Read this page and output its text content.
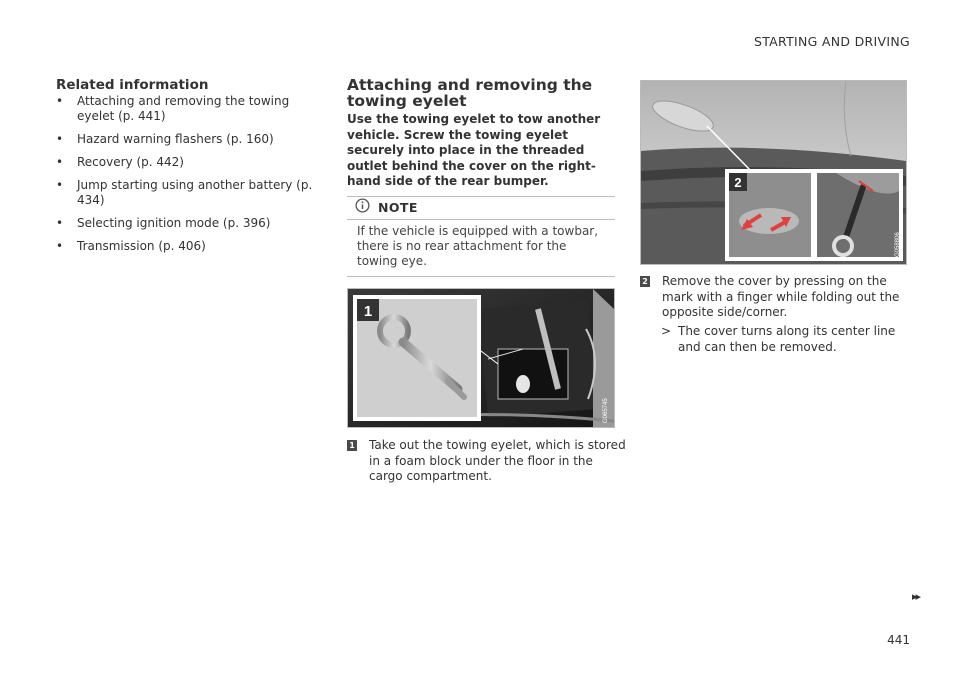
STARTING AND DRIVING
Related information
• Attaching and removing the towing eyelet (p. 441)
• Hazard warning flashers (p. 160)
• Recovery (p. 442)
• Jump starting using another battery (p. 434)
• Selecting ignition mode (p. 396)
• Transmission (p. 406)
Attaching and removing the towing eyelet
Use the towing eyelet to tow another vehicle. Screw the towing eyelet securely into place in the threaded outlet behind the cover on the right-hand side of the rear bumper.
NOTE
If the vehicle is equipped with a towbar, there is no rear attachment for the towing eye.
1
G065745
1 Take out the towing eyelet, which is stored in a foam block under the floor in the cargo compartment.
2
G058806
2 Remove the cover by pressing on the mark with a finger while folding out the opposite side/corner.
> The cover turns along its center line and can then be removed.
▸▸
441
